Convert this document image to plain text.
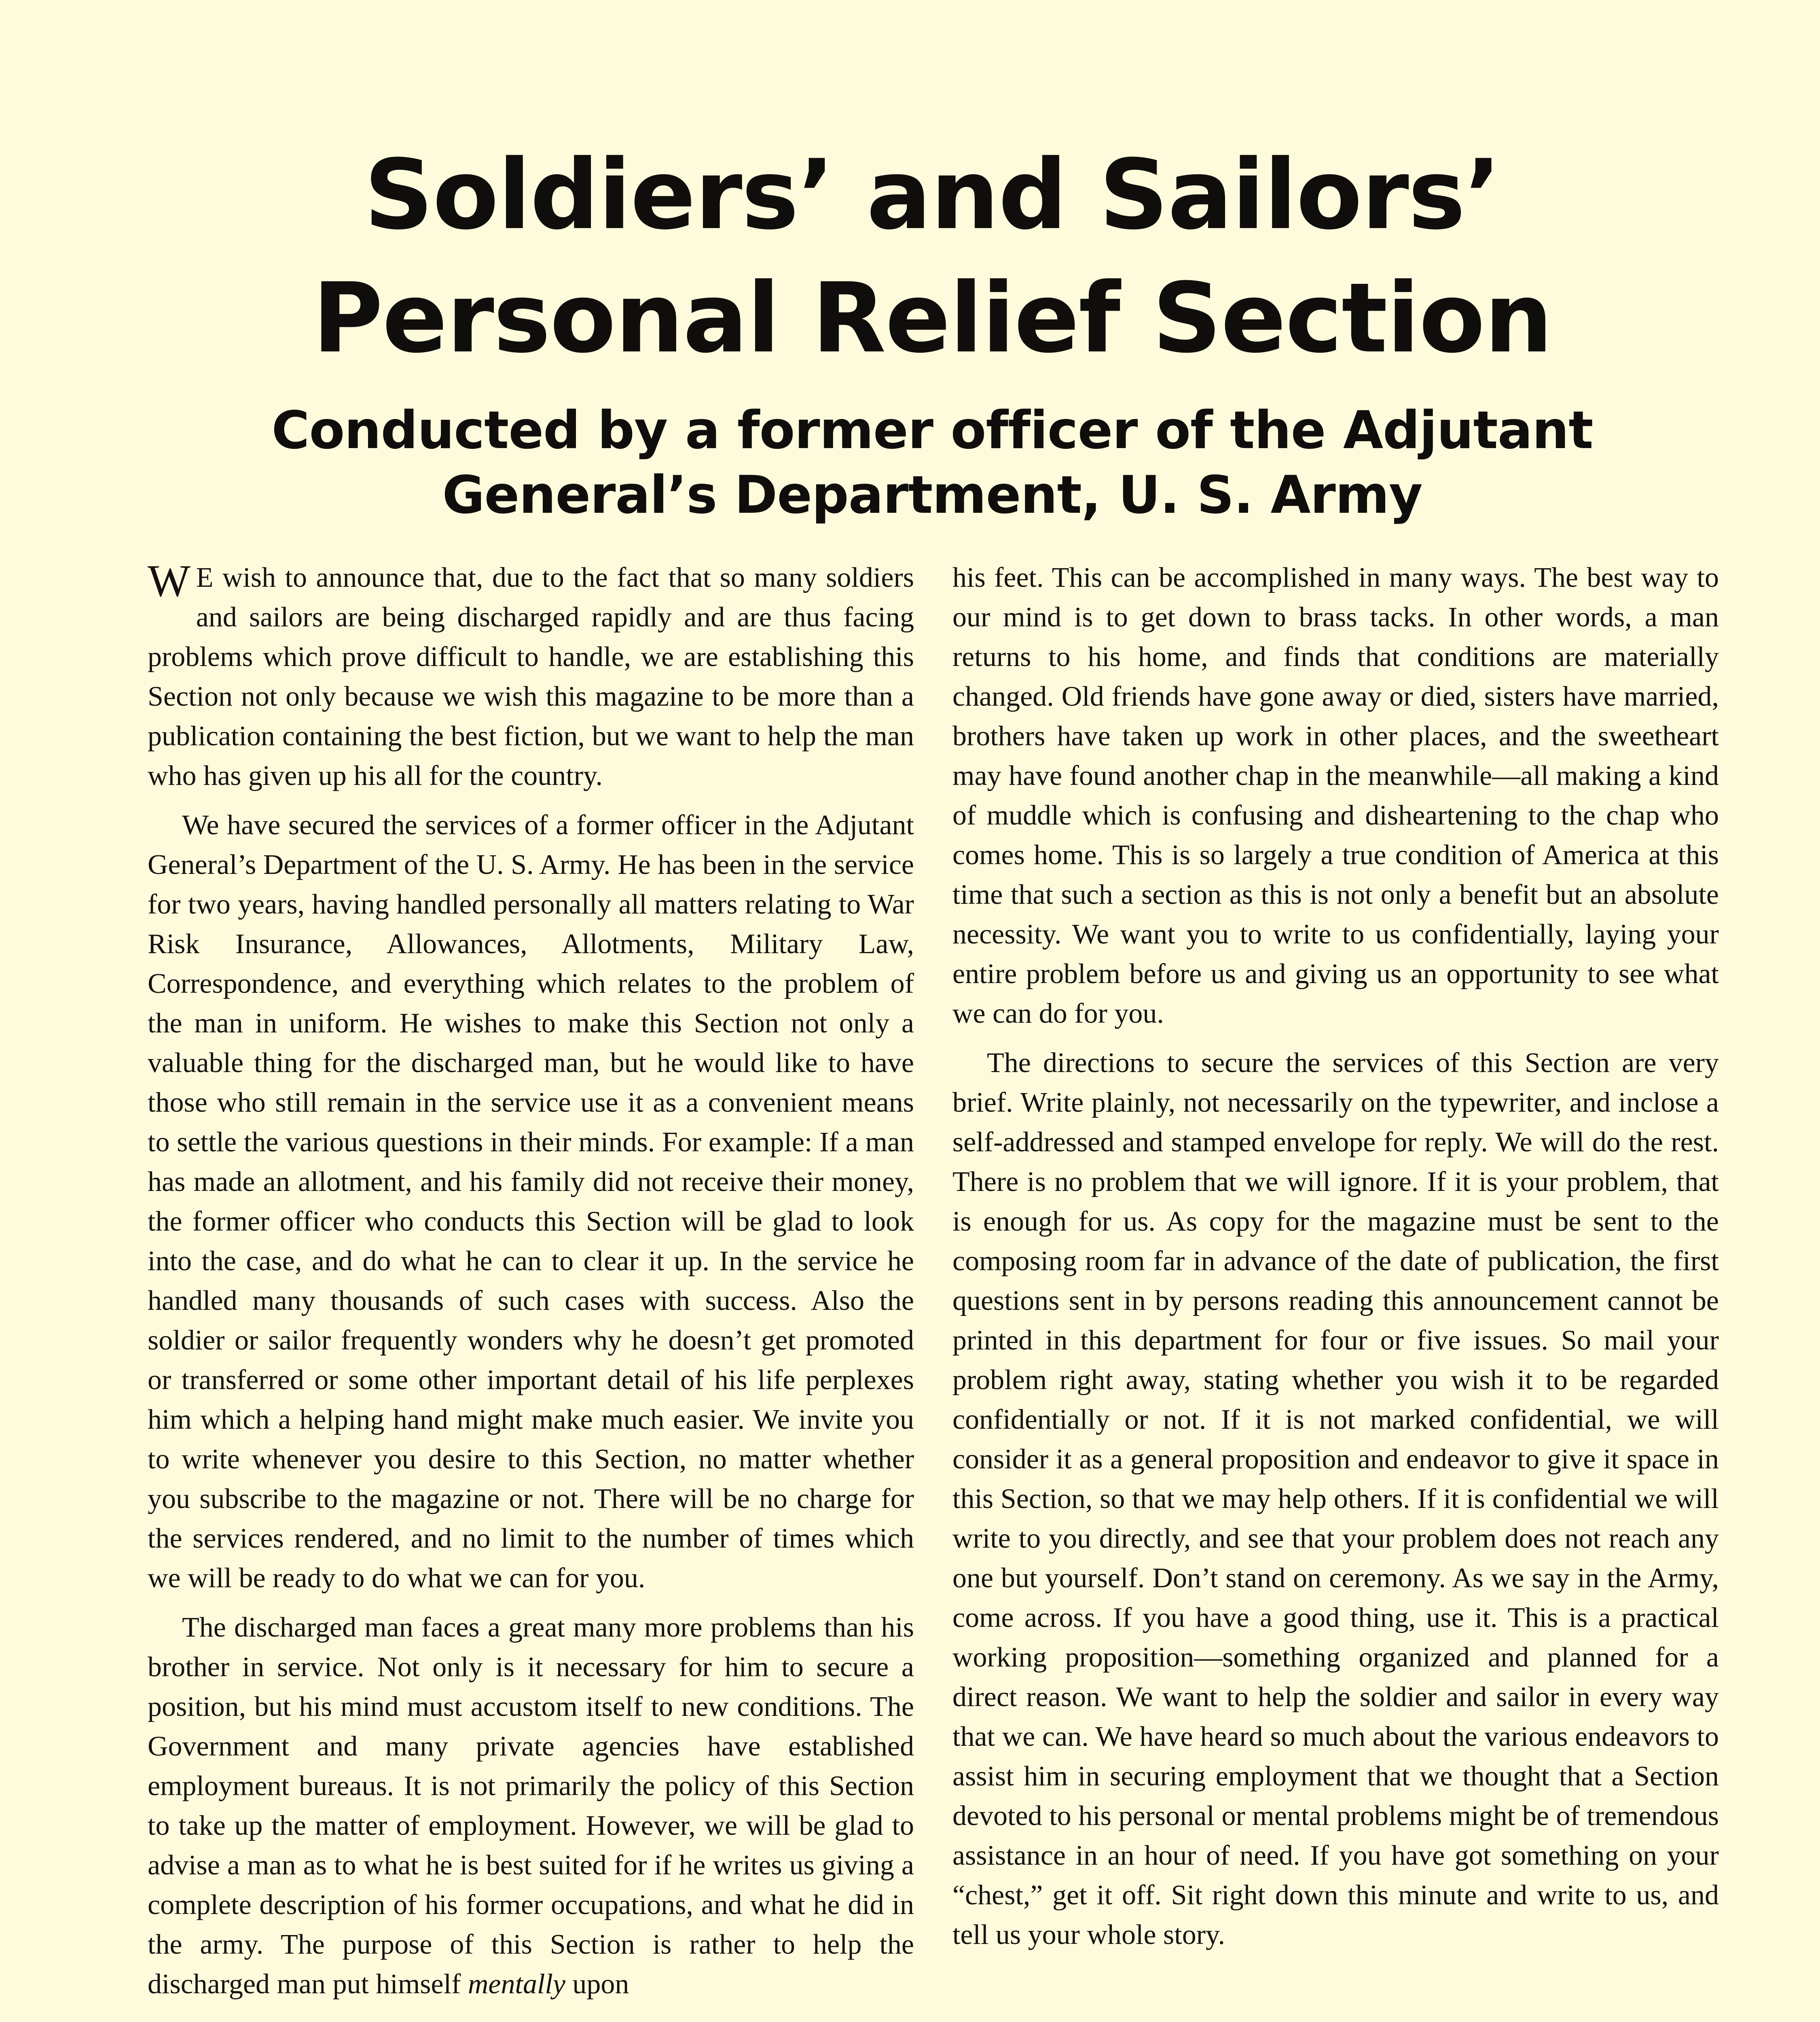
Soldiers’ and Sailors’ Personal Relief Section
Conducted by a former officer of the Adjutant General’s Department, U. S. Army

W E wish to announce that, due to the fact that so many soldiers and sailors are being discharged rapidly and are thus facing problems which prove difficult to handle, we are establishing this Section not only because we wish this magazine to be more than a publication containing the best fiction, but we want to help the man who has given up his all for the country.

We have secured the services of a former officer in the Adjutant General’s Department of the U. S. Army. He has been in the service for two years, having handled personally all matters relating to War Risk Insurance, Allowances, Allotments, Military Law, Correspondence, and everything which relates to the problem of the man in uniform. He wishes to make this Section not only a valuable thing for the discharged man, but he would like to have those who still remain in the service use it as a convenient means to settle the various questions in their minds. For example: If a man has made an allotment, and his family did not receive their money, the former officer who conducts this Section will be glad to look into the case, and do what he can to clear it up. In the service he handled many thousands of such cases with success. Also the soldier or sailor frequently wonders why he doesn’t get promoted or transferred or some other important detail of his life perplexes him which a helping hand might make much easier. We invite you to write whenever you desire to this Section, no matter whether you subscribe to the magazine or not. There will be no charge for the services rendered, and no limit to the number of times which we will be ready to do what we can for you.

The discharged man faces a great many more problems than his brother in service. Not only is it necessary for him to secure a position, but his mind must accustom itself to new conditions. The Government and many private agencies have established employment bureaus. It is not primarily the policy of this Section to take up the matter of employment. However, we will be glad to advise a man as to what he is best suited for if he writes us giving a complete description of his former occupations, and what he did in the army. The purpose of this Section is rather to help the discharged man put himself mentally upon

his feet. This can be accomplished in many ways. The best way to our mind is to get down to brass tacks. In other words, a man returns to his home, and finds that conditions are materially changed. Old friends have gone away or died, sisters have married, brothers have taken up work in other places, and the sweetheart may have found another chap in the meanwhile—all making a kind of muddle which is confusing and disheartening to the chap who comes home. This is so largely a true condition of America at this time that such a section as this is not only a benefit but an absolute necessity. We want you to write to us confidentially, laying your entire problem before us and giving us an opportunity to see what we can do for you.

The directions to secure the services of this Section are very brief. Write plainly, not necessarily on the typewriter, and inclose a self-addressed and stamped envelope for reply. We will do the rest. There is no problem that we will ignore. If it is your problem, that is enough for us. As copy for the magazine must be sent to the composing room far in advance of the date of publication, the first questions sent in by persons reading this announcement cannot be printed in this department for four or five issues. So mail your problem right away, stating whether you wish it to be regarded confidentially or not. If it is not marked confidential, we will consider it as a general proposition and endeavor to give it space in this Section, so that we may help others. If it is confidential we will write to you directly, and see that your problem does not reach any one but yourself. Don’t stand on ceremony. As we say in the Army, come across. If you have a good thing, use it. This is a practical working proposition—something organized and planned for a direct reason. We want to help the soldier and sailor in every way that we can. We have heard so much about the various endeavors to assist him in securing employment that we thought that a Section devoted to his personal or mental problems might be of tremendous assistance in an hour of need. If you have got something on your “chest,” get it off. Sit right down this minute and write to us, and tell us your whole story.
